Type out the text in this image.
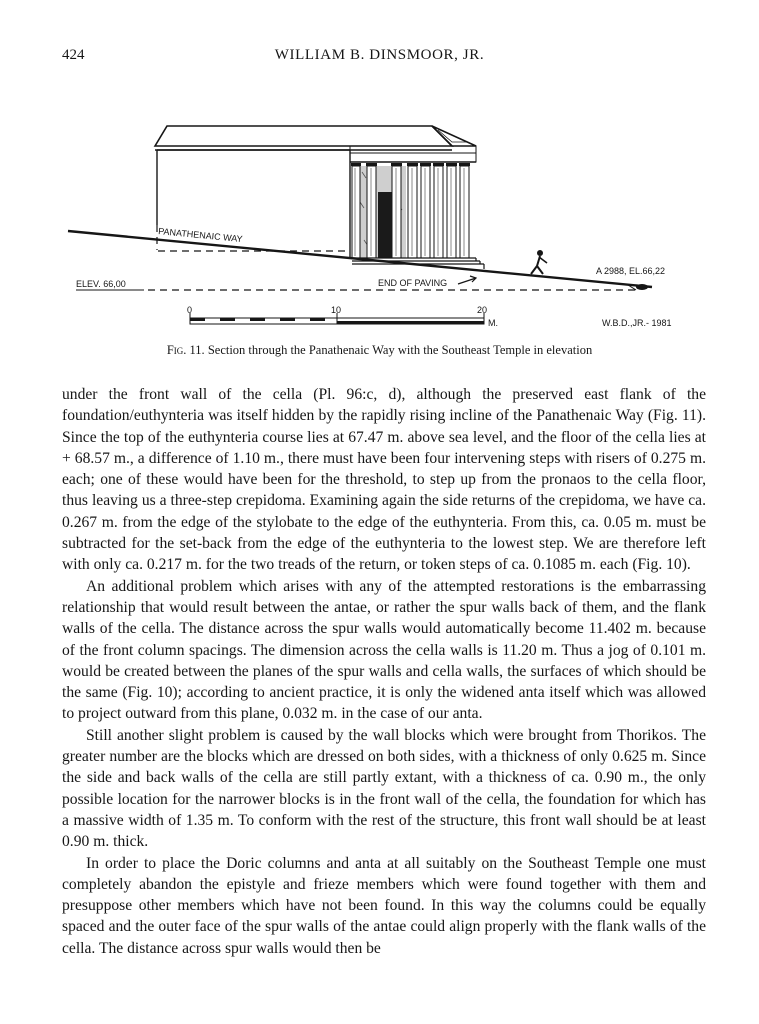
424	WILLIAM B. DINSMOOR, JR.
PANATHENAIC WAY
ELEV. 66,00	END OF PAVING
A 2988, EL.66,22
W.B.D.,JR.- 1981
0	10	20
M.
Fig. 11. Section through the Panathenaic Way with the Southeast Temple in elevation

under the front wall of the cella (Pl. 96:c, d), although the preserved east flank of the foundation/euthynteria was itself hidden by the rapidly rising incline of the Panathenaic Way (Fig. 11). Since the top of the euthynteria course lies at 67.47 m. above sea level, and the floor of the cella lies at + 68.57 m., a difference of 1.10 m., there must have been four intervening steps with risers of 0.275 m. each; one of these would have been for the threshold, to step up from the pronaos to the cella floor, thus leaving us a three-step crepidoma. Examining again the side returns of the crepidoma, we have ca. 0.267 m. from the edge of the stylobate to the edge of the euthynteria. From this, ca. 0.05 m. must be subtracted for the set-back from the edge of the euthynteria to the lowest step. We are therefore left with only ca. 0.217 m. for the two treads of the return, or token steps of ca. 0.1085 m. each (Fig. 10).

An additional problem which arises with any of the attempted restorations is the embarrassing relationship that would result between the antae, or rather the spur walls back of them, and the flank walls of the cella. The distance across the spur walls would automatically become 11.402 m. because of the front column spacings. The dimension across the cella walls is 11.20 m. Thus a jog of 0.101 m. would be created between the planes of the spur walls and cella walls, the surfaces of which should be the same (Fig. 10); according to ancient practice, it is only the widened anta itself which was allowed to project outward from this plane, 0.032 m. in the case of our anta.

Still another slight problem is caused by the wall blocks which were brought from Thorikos. The greater number are the blocks which are dressed on both sides, with a thickness of only 0.625 m. Since the side and back walls of the cella are still partly extant, with a thickness of ca. 0.90 m., the only possible location for the narrower blocks is in the front wall of the cella, the foundation for which has a massive width of 1.35 m. To conform with the rest of the structure, this front wall should be at least 0.90 m. thick.

In order to place the Doric columns and anta at all suitably on the Southeast Temple one must completely abandon the epistyle and frieze members which were found together with them and presuppose other members which have not been found. In this way the columns could be equally spaced and the outer face of the spur walls of the antae could align properly with the flank walls of the cella. The distance across spur walls would then be
